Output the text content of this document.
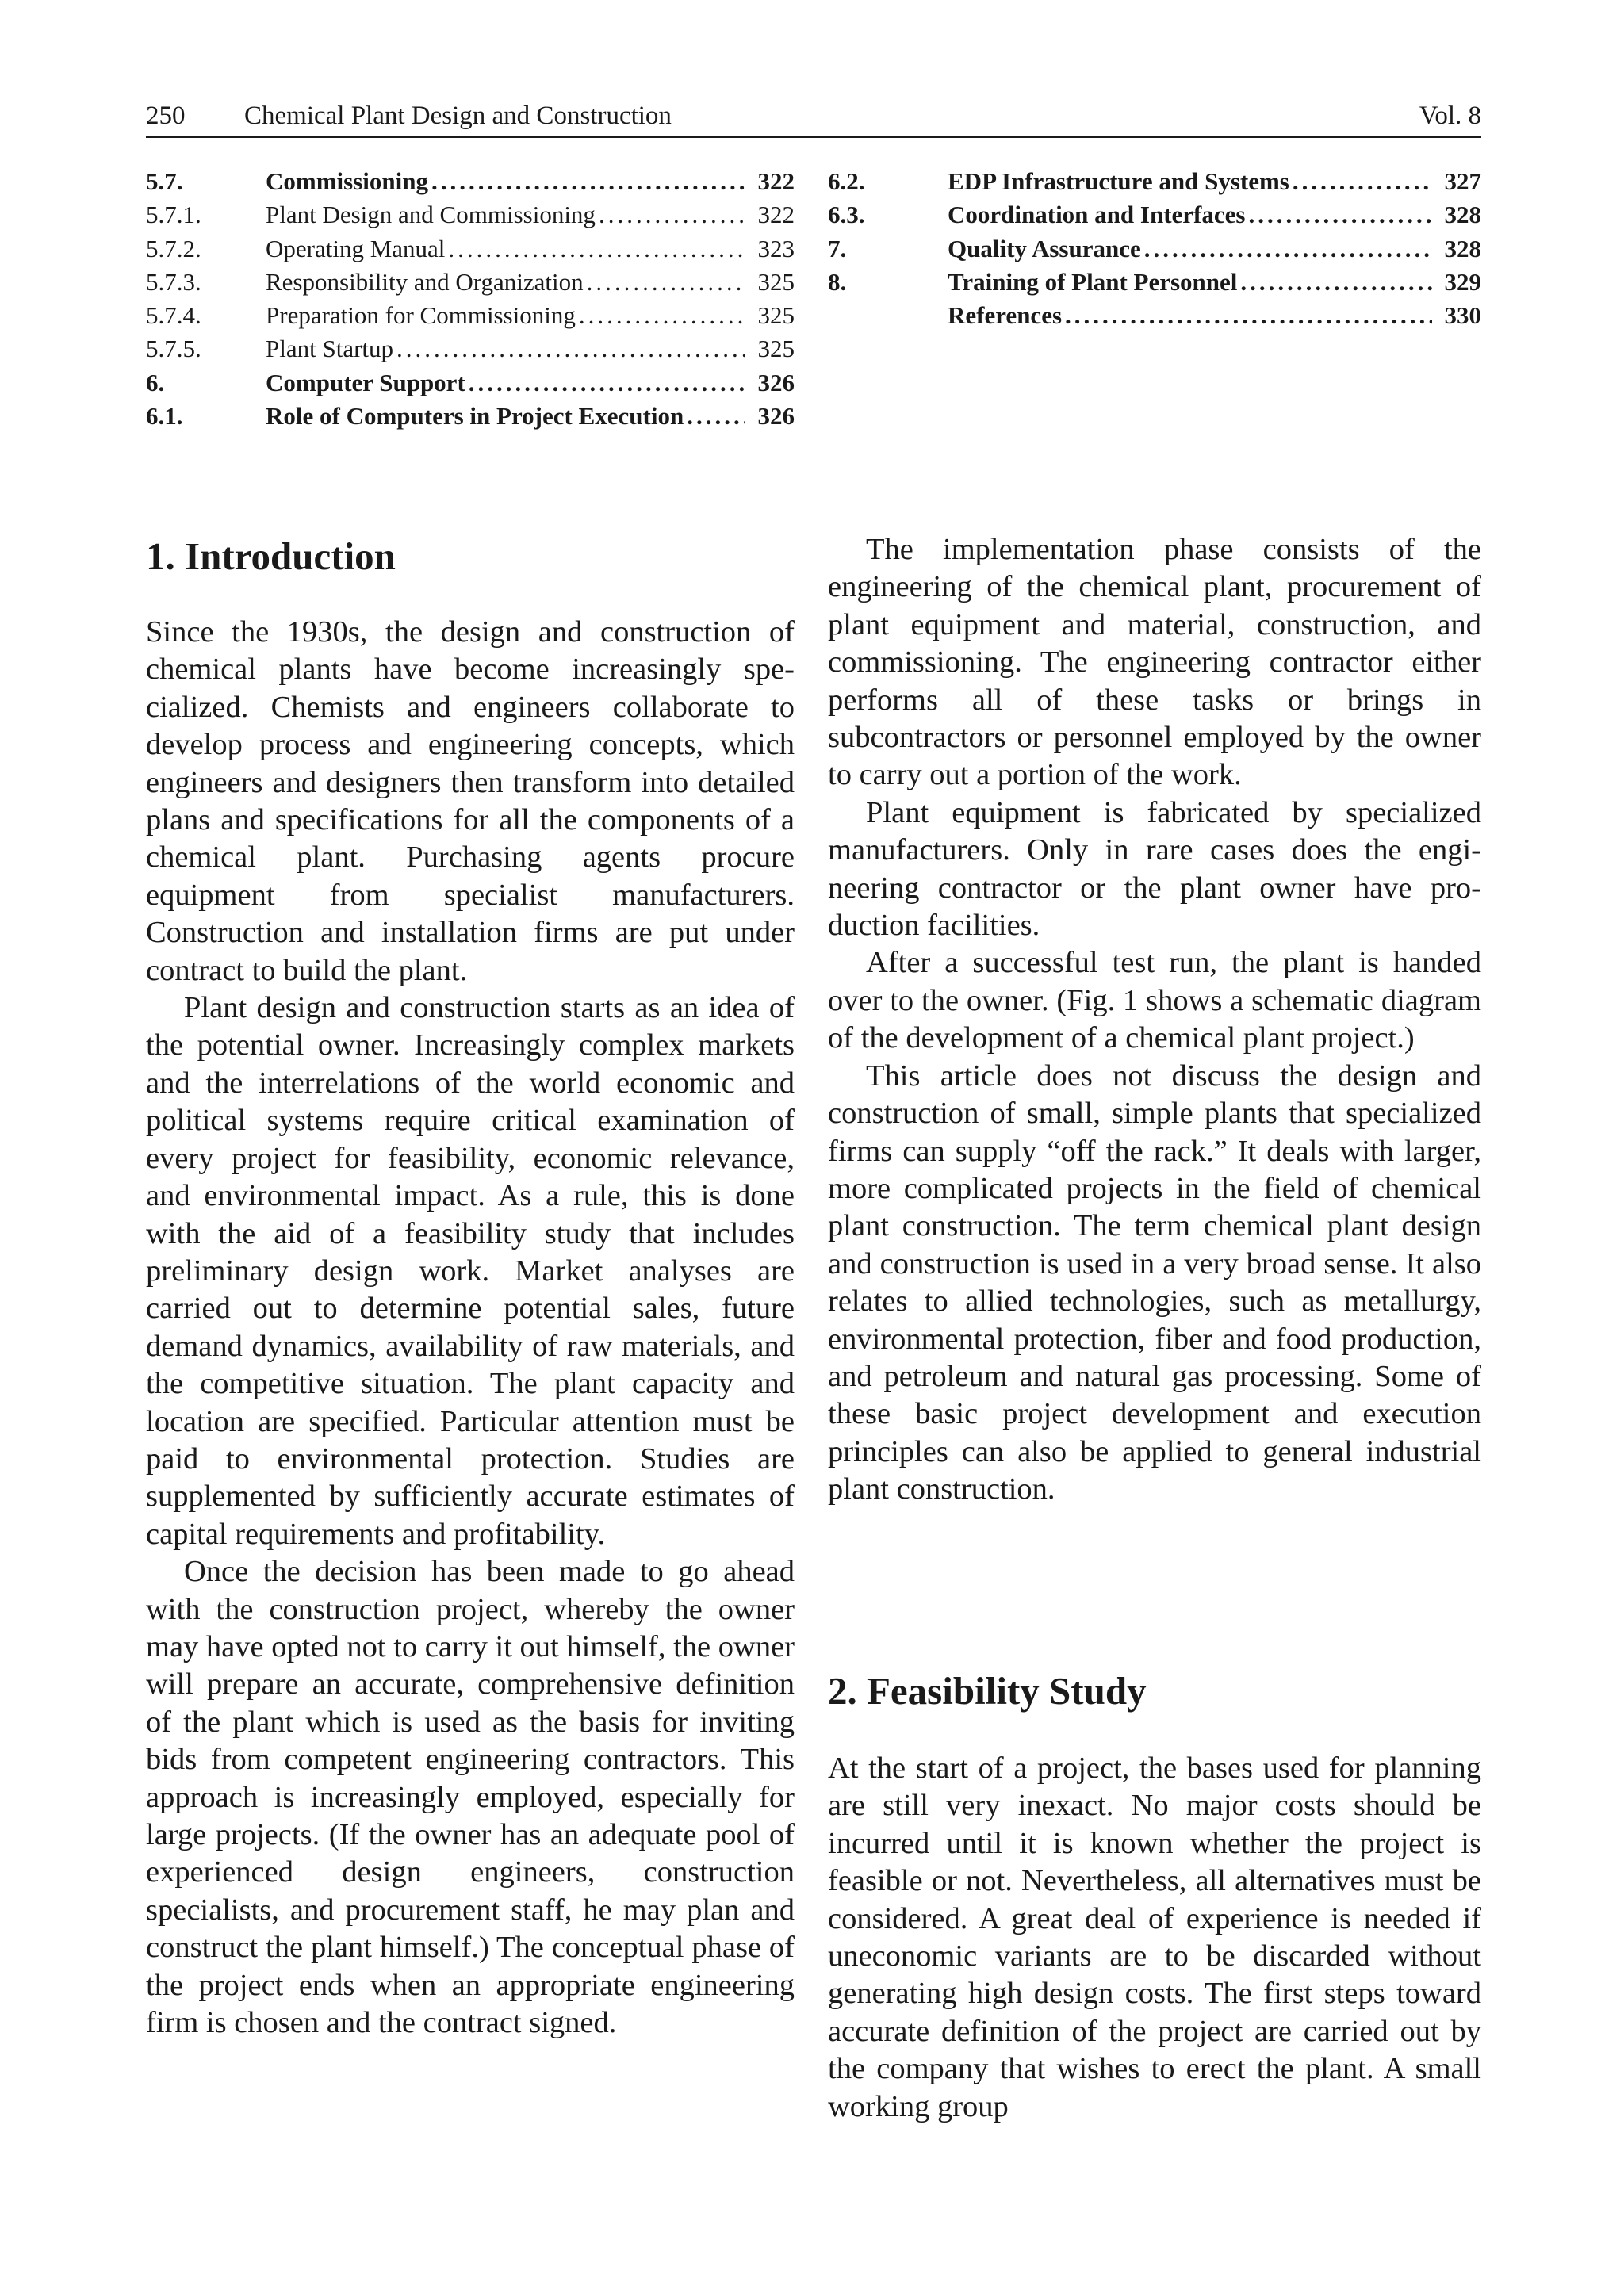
250 Chemical Plant Design and Construction	Vol. 8
5.7.	Commissioning .....	322
5.7.1.	Plant Design and Commissioning .....	322
5.7.2.	Operating Manual .....	323
5.7.3.	Responsibility and Organization .....	325
5.7.4.	Preparation for Commissioning .....	325
5.7.5.	Plant Startup .....	325
6.	Computer Support .....	326
6.1.	Role of Computers in Project Execution .....	326
6.2.	EDP Infrastructure and Systems .....	327
6.3.	Coordination and Interfaces .....	328
7.	Quality Assurance .....	328
8.	Training of Plant Personnel .....	329
References .....	330
1. Introduction

Since the 1930s, the design and construction of chemical plants have become increasingly specialized. Chemists and engineers collaborate to develop process and engineering concepts, which engineers and designers then transform into detailed plans and specifications for all the components of a chemical plant. Purchasing agents procure equipment from specialist manufacturers. Construction and installation firms are put under contract to build the plant.

Plant design and construction starts as an idea of the potential owner. Increasingly complex markets and the interrelations of the world economic and political systems require critical examination of every project for feasibility, economic relevance, and environmental impact. As a rule, this is done with the aid of a feasibility study that includes preliminary design work. Market analyses are carried out to determine potential sales, future demand dynamics, availability of raw materials, and the competitive situation. The plant capacity and location are specified. Particular attention must be paid to environmental protection. Studies are supplemented by sufficiently accurate estimates of capital requirements and profitability.

Once the decision has been made to go ahead with the construction project, whereby the owner may have opted not to carry it out himself, the owner will prepare an accurate, comprehensive definition of the plant which is used as the basis for inviting bids from competent engineering contractors. This approach is increasingly employed, especially for large projects. (If the owner has an adequate pool of experienced design engineers, construction specialists, and procurement staff, he may plan and construct the plant himself.) The conceptual phase of the project ends when an appropriate engineering firm is chosen and the contract signed.

The implementation phase consists of the engineering of the chemical plant, procurement of plant equipment and material, construction, and commissioning. The engineering contractor either performs all of these tasks or brings in subcontractors or personnel employed by the owner to carry out a portion of the work.

Plant equipment is fabricated by specialized manufacturers. Only in rare cases does the engineering contractor or the plant owner have production facilities.

After a successful test run, the plant is handed over to the owner. (Fig. 1 shows a schematic diagram of the development of a chemical plant project.)

This article does not discuss the design and construction of small, simple plants that specialized firms can supply “off the rack.” It deals with larger, more complicated projects in the field of chemical plant construction. The term chemical plant design and construction is used in a very broad sense. It also relates to allied technologies, such as metallurgy, environmental protection, fiber and food production, and petroleum and natural gas processing. Some of these basic project development and execution principles can also be applied to general industrial plant construction.

2. Feasibility Study

At the start of a project, the bases used for planning are still very inexact. No major costs should be incurred until it is known whether the project is feasible or not. Nevertheless, all alternatives must be considered. A great deal of experience is needed if uneconomic variants are to be discarded without generating high design costs. The first steps toward accurate definition of the project are carried out by the company that wishes to erect the plant. A small working group
